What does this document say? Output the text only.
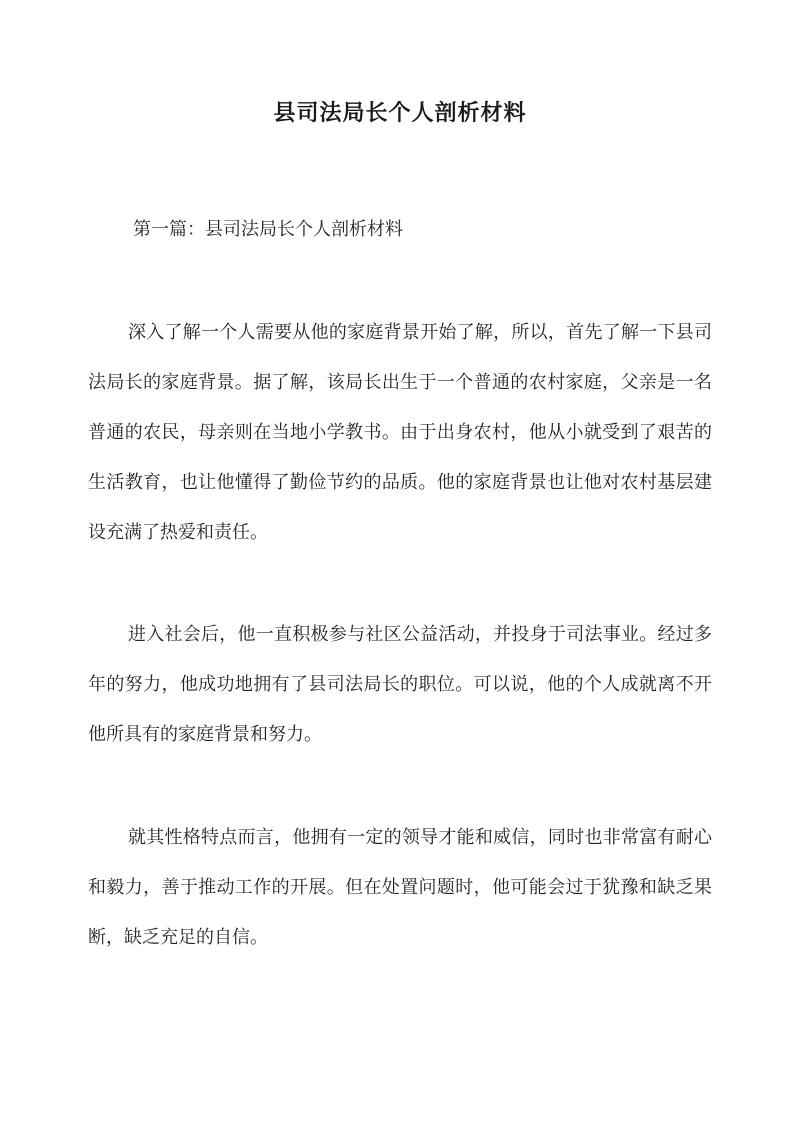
县司法局长个人剖析材料
第一篇：县司法局长个人剖析材料

深入了解一个人需要从他的家庭背景开始了解，所以，首先了解一下县司法局长的家庭背景。据了解，该局长出生于一个普通的农村家庭，父亲是一名普通的农民，母亲则在当地小学教书。由于出身农村，他从小就受到了艰苦的生活教育，也让他懂得了勤俭节约的品质。他的家庭背景也让他对农村基层建设充满了热爱和责任。

进入社会后，他一直积极参与社区公益活动，并投身于司法事业。经过多年的努力，他成功地拥有了县司法局长的职位。可以说，他的个人成就离不开他所具有的家庭背景和努力。

就其性格特点而言，他拥有一定的领导才能和威信，同时也非常富有耐心和毅力，善于推动工作的开展。但在处置问题时，他可能会过于犹豫和缺乏果断，缺乏充足的自信。
